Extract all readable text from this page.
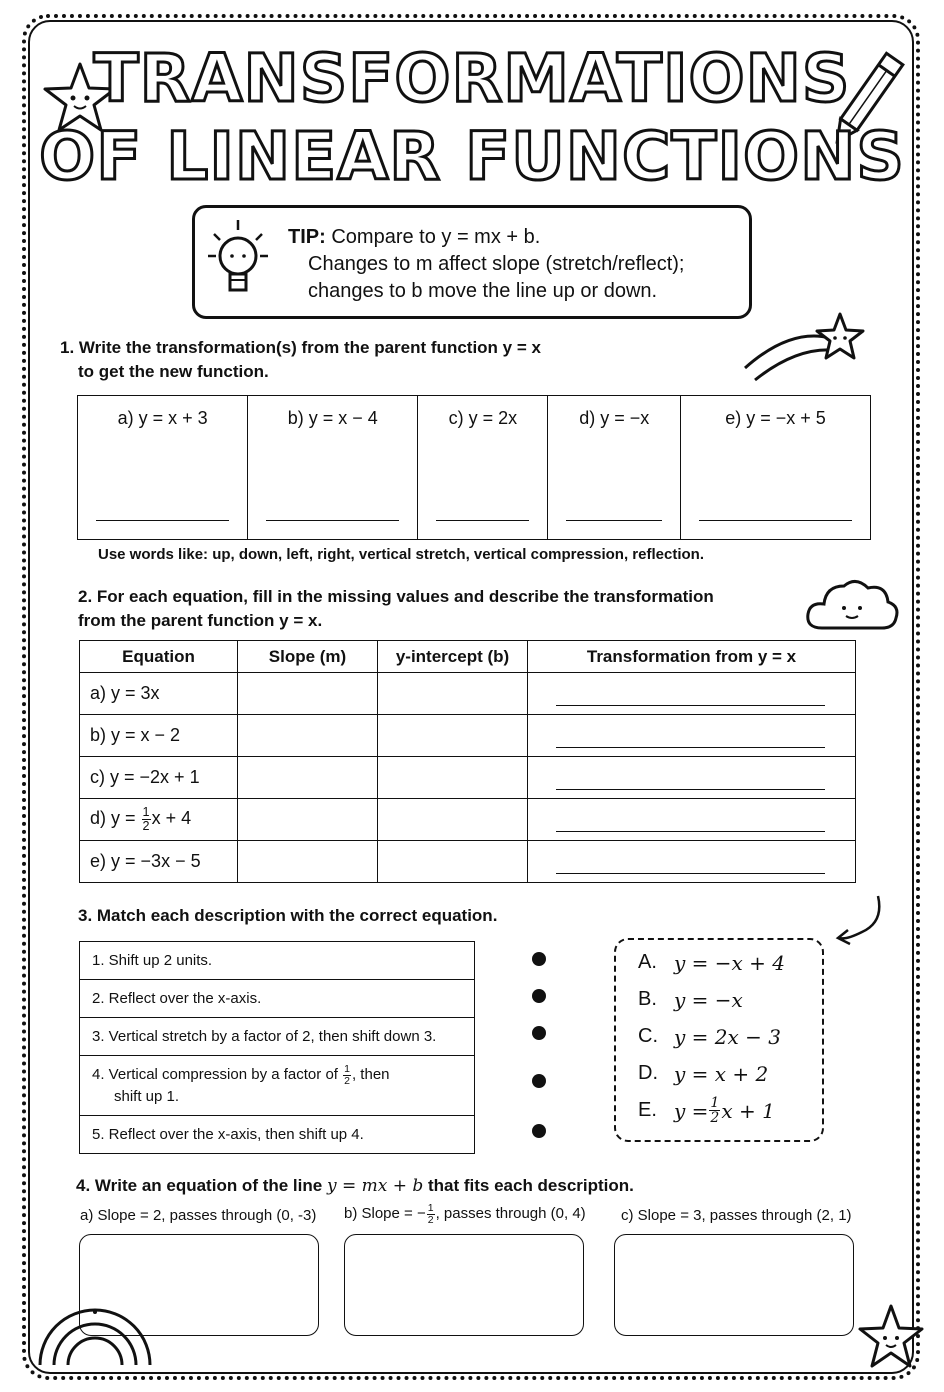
TRANSFORMATIONS
OF LINEAR FUNCTIONS
TIP: Compare to y = mx + b.
Changes to m affect slope (stretch/reflect);
changes to b move the line up or down.
1. Write the transformation(s) from the parent function y = x
to get the new function.
a) y = x + 3	b) y = x − 4	c) y = 2x	d) y = −x	e) y = −x + 5
Use words like: up, down, left, right, vertical stretch, vertical compression, reflection.
2. For each equation, fill in the missing values and describe the transformation
from the parent function y = x.
Equation	Slope (m)	y-intercept (b)	Transformation from y = x
a) y = 3x			

b) y = x − 2			

c) y = −2x + 1			

d) $y = \frac{1}{2}$ x + 4			

e) y = −3x − 5			
3. Match each description with the correct equation.
1. Shift up 2 units.
2. Reflect over the x-axis.
3. Vertical stretch by a factor of 2, then shift down 3.
4. Vertical compression by a factor of $\frac{1}{2}$ , then
shift up 1.
5. Reflect over the x-axis, then shift up 4.
A. y = −x + 4
B. y = −x
C. y = 2x − 3
D. y = x + 2
E. $y = \frac{1}{2}$ x + 1
4. Write an equation of the line y = mx + b that fits each description.
a) Slope = 2, passes through (0, -3) b) Slope = − $\frac{1}{2}$ , passes through (0, 4) c) Slope = 3, passes through (2, 1)
